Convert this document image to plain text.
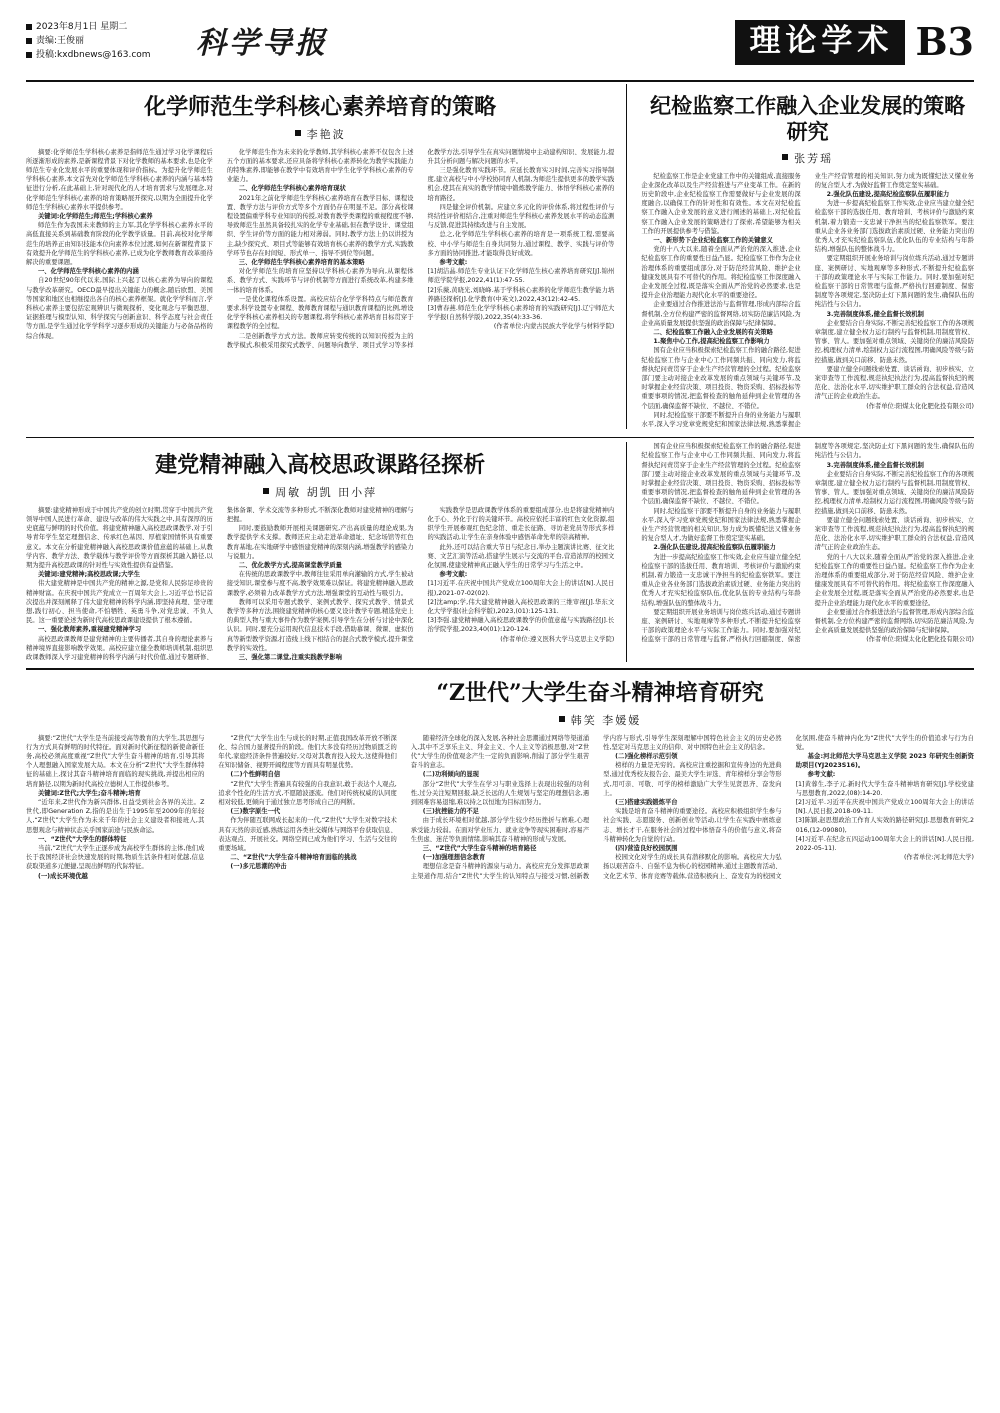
2023年8月1日 星期二
责编:王俊丽
投稿:kxdbnews@163.com 科学导报	理论学术 B3
化学师范生学科核心素养培育的策略
李艳波

摘要:化学师范生学科核心素养是指师范生通过学习化学课程后所逐渐形成的素养,是新课程背景下对化学教师的基本要求,也是化学师范生专业化发展水平的重要体现和评价指标。为提升化学师范生学科核心素养,本文首先对化学师范生学科核心素养的内涵与基本特征进行分析,在此基础上,针对现代化的人才培育需求与发展理念,对化学师范生学科核心素养的培育策略展开探究,以期为全面提升化学师范生学科核心素养水平提供参考。

关键词:化学师范生;师范生;学科核心素养

师范生作为我国未来教师的主力军,其化学学科核心素养水平的高低直接关系到基础教育阶段的化学教学质量。目前,高校对化学师范生的培养正由知识技能本位向素养本位过渡,如何在新课程背景下有效提升化学师范生的学科核心素养,已成为化学教师教育改革亟待解决的重要课题。

一、化学师范生学科核心素养的内涵

自20世纪90年代以来,国际上兴起了以核心素养为导向的课程与教学改革研究。OECD最早提出关键能力的概念,随后欧盟、美国等国家和地区也相继提出各自的核心素养框架。就化学学科而言,学科核心素养主要包括宏观辨识与微观探析、变化观念与平衡思想、证据推理与模型认知、科学探究与创新意识、科学态度与社会责任等方面,是学生通过化学学科学习逐步形成的关键能力与必备品格的综合体现。

化学师范生作为未来的化学教师,其学科核心素养不仅包含上述五个方面的基本要求,还应具备将学科核心素养转化为教学实践能力的特殊素养,即能够在教学中有效培育中学生化学学科核心素养的专业能力。

二、化学师范生学科核心素养培育现状

2021年之前化学师范生学科核心素养培育在教学目标、课程设置、教学方法与评价方式等多个方面仍存在明显不足。部分高校课程设置偏重学科专业知识的传授,对教育教学类课程的重视程度不够,导致师范生虽然具备较扎实的化学专业基础,但在教学设计、课堂组织、学生评价等方面的能力相对薄弱。同时,教学方法上仍以讲授为主,缺少探究式、项目式等能够有效培育核心素养的教学方式,实践教学环节也存在时间短、形式单一、指导不到位等问题。

三、化学师范生学科核心素养培育的基本策略

对化学师范生的培育应坚持以学科核心素养为导向,从课程体系、教学方式、实践环节与评价机制等方面进行系统改革,构建多维一体的培育体系。

一是优化课程体系设置。高校应结合化学学科特点与师范教育要求,科学设置专业课程、教师教育课程与通识教育课程的比例,增设化学学科核心素养相关的专题课程,将学科核心素养培育目标贯穿于课程教学的全过程。

二是创新教学方式方法。教师应转变传统的以知识传授为主的教学模式,积极采用探究式教学、问题导向教学、项目式学习等多样化教学方法,引导学生在真实问题情境中主动建构知识、发展能力,提升其分析问题与解决问题的水平。

三是强化教育实践环节。应延长教育实习时间,完善实习指导制度,建立高校与中小学校协同育人机制,为师范生提供更多的教学实践机会,使其在真实的教学情境中锻炼教学能力、体悟学科核心素养的培育路径。

四是健全评价机制。应建立多元化的评价体系,将过程性评价与终结性评价相结合,注重对师范生学科核心素养发展水平的动态监测与反馈,促进其持续改进与自主发展。

总之,化学师范生学科核心素养的培育是一项系统工程,需要高校、中小学与师范生自身共同努力,通过课程、教学、实践与评价等多方面的协同推进,才能取得良好成效。

参考文献:

[1]胡洁晶.师范生专业认证下化学师范生核心素养培育研究[J].锦州师范学院学报,2022,41(1):47-55.

[2]乐薇,黄晓光,刘晓峰.基于学科核心素养的化学师范生教学能力培养路径探析[J].化学教育(中英文),2022,43(12):42-45.

[3]曹春燕.师范生化学学科核心素养培育的实践研究[J].辽宁师范大学学报(自然科学版),2022,35(4):33-36.

(作者单位:内蒙古民族大学化学与材料学院)

纪检监察工作融入企业发展的策略研究
张芳瑶

纪检监察工作是企业党建工作中的关键组成,直接服务企业深化改革以及生产经营推进与产业变革工作。在新的历史阶段中,企业纪检监察工作需要做好与企业发展的深度融合,以确保工作的针对性和有效性。本文在对纪检监察工作融入企业发展的意义进行阐述的基础上,对纪检监察工作融入企业发展的策略进行了探索,希望能够为相关工作的开展提供参考与借鉴。

一、新形势下企业纪检监察工作的关键意义

党的十八大以来,随着全面从严治党的深入推进,企业纪检监察工作的重要性日益凸显。纪检监察工作作为企业治理体系的重要组成部分,对于防范经营风险、维护企业健康发展具有不可替代的作用。将纪检监察工作深度融入企业发展全过程,既是落实全面从严治党的必然要求,也是提升企业治理能力现代化水平的重要途径。

企业要通过合作推进法治与监督管理,形成内部综合监督机制,全方位构建严密的监督网络,切实防范廉洁风险,为企业高质量发展提供坚强的政治保障与纪律保障。

二、纪检监察工作融入企业发展的有关策略

1.聚焦中心工作,提高纪检监察工作影响力

国有企业应当积极探索纪检监察工作的融合路径,促进纪检监察工作与企业中心工作同频共振、同向发力,将监督执纪问责贯穿于企业生产经营管理的全过程。纪检监察部门要主动对接企业改革发展的重点领域与关键环节,及时掌握企业经营决策、项目投资、物资采购、招标投标等重要事项的情况,把监督检查的触角延伸到企业管理的各个层面,确保监督不缺位、不越位、不错位。

同时,纪检监察干部要不断提升自身的业务能力与履职水平,深入学习党章党规党纪和国家法律法规,熟悉掌握企业生产经营管理的相关知识,努力成为既懂纪法又懂业务的复合型人才,为做好监督工作奠定坚实基础。

2.强化队伍建设,提高纪检监察队伍履职能力

为进一步提高纪检监察工作实效,企业应当建立健全纪检监察干部的选拔任用、教育培训、考核评价与激励约束机制,着力锻造一支忠诚干净担当的纪检监察铁军。要注重从企业各业务部门选拔政治素质过硬、业务能力突出的优秀人才充实纪检监察队伍,优化队伍的专业结构与年龄结构,增强队伍的整体战斗力。

要定期组织开展业务培训与岗位练兵活动,通过专题讲座、案例研讨、实地观摩等多种形式,不断提升纪检监察干部的政策理论水平与实际工作能力。同时,要加强对纪检监察干部的日常管理与监督,严格执行回避制度、保密制度等各项规定,坚决防止灯下黑问题的发生,确保队伍的纯洁性与公信力。

3.完善制度体系,健全监督长效机制

企业要结合自身实际,不断完善纪检监察工作的各项规章制度,建立健全权力运行制约与监督机制,用制度管权、管事、管人。要加强对重点领域、关键岗位的廉洁风险防控,梳理权力清单,绘制权力运行流程图,明确风险等级与防控措施,做到关口前移、防患未然。

要建立健全问题线索处置、谈话函询、初步核实、立案审查等工作流程,规范执纪执法行为,提高监督执纪的规范化、法治化水平,切实维护职工群众的合法权益,营造风清气正的企业政治生态。

(作者单位:阳煤太化化肥化投有限公司)

建党精神融入高校思政课路径探析
周敏 胡凯 田小萍

摘要:建党精神形成于中国共产党的创立时期,贯穿于中国共产党领导中国人民进行革命、建设与改革的伟大实践之中,具有深厚的历史底蕴与鲜明的时代价值。将建党精神融入高校思政课教学,对于引导青年学生坚定理想信念、传承红色基因、厚植家国情怀具有重要意义。本文在分析建党精神融入高校思政课价值意蕴的基础上,从教学内容、教学方法、教学载体与教学评价等方面探析其融入路径,以期为提升高校思政课的针对性与实效性提供有益借鉴。

关键词:建党精神;高校思政课;大学生

伟大建党精神是中国共产党的精神之源,是党和人民弥足珍贵的精神财富。在庆祝中国共产党成立一百周年大会上,习近平总书记首次提出并深刻阐释了伟大建党精神的科学内涵,即坚持真理、坚守理想,践行初心、担当使命,不怕牺牲、英勇斗争,对党忠诚、不负人民。这一重要论述为新时代高校思政课建设提供了根本遵循。

一、强化教师素养,重视建党精神学习

高校思政课教师是建党精神的主要传播者,其自身的理论素养与精神境界直接影响教学效果。高校应建立健全教师培训机制,组织思政课教师深入学习建党精神的科学内涵与时代价值,通过专题研修、集体备课、学术交流等多种形式,不断深化教师对建党精神的理解与把握。

同时,要鼓励教师开展相关课题研究,产出高质量的理论成果,为教学提供学术支撑。教师还应主动走进革命遗址、纪念场馆等红色教育基地,在实地研学中感悟建党精神的深刻内涵,增强教学的感染力与说服力。

二、优化教学方式,提高课堂教学质量

在传统的思政课教学中,教师往往采用单向灌输的方式,学生被动接受知识,课堂参与度不高,教学效果难以保证。将建党精神融入思政课教学,必须着力改革教学方式方法,增强课堂的互动性与吸引力。

教师可以采用专题式教学、案例式教学、探究式教学、情景式教学等多种方法,围绕建党精神的核心要义设计教学专题,精选党史上的典型人物与重大事件作为教学案例,引导学生在分析与讨论中深化认识。同时,要充分运用现代信息技术手段,借助慕课、微课、虚拟仿真等新型教学资源,打造线上线下相结合的混合式教学模式,提升课堂教学的实效性。

三、强化第二课堂,注重实践教学影响

实践教学是思政课教学体系的重要组成部分,也是将建党精神内化于心、外化于行的关键环节。高校应依托丰富的红色文化资源,组织学生开展参观红色纪念馆、重走长征路、寻访老党员等形式多样的实践活动,让学生在亲身体验中感悟革命先辈的崇高精神。

此外,还可以结合重大节日与纪念日,举办主题演讲比赛、征文比赛、文艺汇演等活动,搭建学生展示与交流的平台,营造浓厚的校园文化氛围,使建党精神真正融入学生的日常学习与生活之中。

参考文献:

[1]习近平.在庆祝中国共产党成立100周年大会上的讲话[N].人民日报),2021-07-02(02).

[2]沈amp;学,伟大建党精神融入高校思政课的三维审视[J].华东文化大学学报(社会科学版),2023,(01):125-131.

[3]李强.建党精神融入高校思政课教学的价值意蕴与实践路径[J].长治学院学报,2023,40(01):120-124.

(作者单位:遵义医科大学马克思主义学院)

国有企业应当积极探索纪检监察工作的融合路径,促进纪检监察工作与企业中心工作同频共振、同向发力,将监督执纪问责贯穿于企业生产经营管理的全过程。纪检监察部门要主动对接企业改革发展的重点领域与关键环节,及时掌握企业经营决策、项目投资、物资采购、招标投标等重要事项的情况,把监督检查的触角延伸到企业管理的各个层面,确保监督不缺位、不越位、不错位。

同时,纪检监察干部要不断提升自身的业务能力与履职水平,深入学习党章党规党纪和国家法律法规,熟悉掌握企业生产经营管理的相关知识,努力成为既懂纪法又懂业务的复合型人才,为做好监督工作奠定坚实基础。

2.强化队伍建设,提高纪检监察队伍履职能力

为进一步提高纪检监察工作实效,企业应当建立健全纪检监察干部的选拔任用、教育培训、考核评价与激励约束机制,着力锻造一支忠诚干净担当的纪检监察铁军。要注重从企业各业务部门选拔政治素质过硬、业务能力突出的优秀人才充实纪检监察队伍,优化队伍的专业结构与年龄结构,增强队伍的整体战斗力。

要定期组织开展业务培训与岗位练兵活动,通过专题讲座、案例研讨、实地观摩等多种形式,不断提升纪检监察干部的政策理论水平与实际工作能力。同时,要加强对纪检监察干部的日常管理与监督,严格执行回避制度、保密制度等各项规定,坚决防止灯下黑问题的发生,确保队伍的纯洁性与公信力。

3.完善制度体系,健全监督长效机制

企业要结合自身实际,不断完善纪检监察工作的各项规章制度,建立健全权力运行制约与监督机制,用制度管权、管事、管人。要加强对重点领域、关键岗位的廉洁风险防控,梳理权力清单,绘制权力运行流程图,明确风险等级与防控措施,做到关口前移、防患未然。

要建立健全问题线索处置、谈话函询、初步核实、立案审查等工作流程,规范执纪执法行为,提高监督执纪的规范化、法治化水平,切实维护职工群众的合法权益,营造风清气正的企业政治生态。

党的十八大以来,随着全面从严治党的深入推进,企业纪检监察工作的重要性日益凸显。纪检监察工作作为企业治理体系的重要组成部分,对于防范经营风险、维护企业健康发展具有不可替代的作用。将纪检监察工作深度融入企业发展全过程,既是落实全面从严治党的必然要求,也是提升企业治理能力现代化水平的重要途径。

企业要通过合作推进法治与监督管理,形成内部综合监督机制,全方位构建严密的监督网络,切实防范廉洁风险,为企业高质量发展提供坚强的政治保障与纪律保障。

(作者单位:阳煤太化化肥化投有限公司)

“Z世代”大学生奋斗精神培育研究
韩笑 李媛媛

摘要:“Z世代”大学生是当前接受高等教育的大学生,其思想与行为方式具有鲜明的时代特征。面对新时代新征程的新使命新任务,高校必须高度重视“Z世代”大学生奋斗精神的培育,引导其将个人理想融入国家发展大局。本文在分析“Z世代”大学生群体特征的基础上,探讨其奋斗精神培育面临的现实挑战,并提出相应的培育路径,以期为新时代高校立德树人工作提供参考。

关键词:Z世代;大学生;奋斗精神;培育

“近年来,Z世代作为新兴群体,日益受到社会各界的关注。Z世代,即Generation Z,指的是出生于1995年至2009年的年轻人,“Z世代”大学生作为未来千年的社会主义建设者和接班人,其思想观念与精神状态关乎国家前途与民族命运。

一、“Z世代”大学生的群体特征

当前,“Z世代”大学生正逐步成为高校学生群体的主体,他们成长于我国经济社会快速发展的时期,物质生活条件相对优越,信息获取渠道多元便捷,呈现出鲜明的代际特征。

(一)成长环境优越

“Z世代”大学生出生与成长的时期,正值我国改革开放不断深化、综合国力显著提升的阶段。他们大多没有经历过物质匮乏的年代,家庭经济条件普遍较好,父母对其教育投入较大,这使得他们在知识储备、视野开阔程度等方面具有明显优势。

(二)个性鲜明自信

“Z世代”大学生普遍具有较强的自我意识,敢于表达个人观点,追求个性化的生活方式,不愿随波逐流。他们对传统权威的认同度相对较低,更倾向于通过独立思考形成自己的判断。

(三)数字原生一代

作为伴随互联网成长起来的一代,“Z世代”大学生对数字技术具有天然的亲近感,熟练运用各类社交媒体与网络平台获取信息、表达观点、开展社交。网络空间已成为他们学习、生活与交往的重要场域。

二、“Z世代”大学生奋斗精神培育面临的挑战

(一)多元思潮的冲击

随着经济全球化的深入发展,各种社会思潮通过网络等渠道涌入,其中不乏享乐主义、拜金主义、个人主义等消极思想,对“Z世代”大学生的价值观念产生一定的负面影响,削弱了部分学生艰苦奋斗的意志。

(二)功利倾向的显现

部分“Z世代”大学生在学习与职业选择上表现出较强的功利性,过分关注短期回报,缺乏长远的人生规划与坚定的理想信念,遇到困难容易退缩,难以持之以恒地为目标而努力。

(三)抗挫能力的不足

由于成长环境相对优越,部分学生较少经历挫折与磨难,心理承受能力较弱。在面对学业压力、就业竞争等现实困难时,容易产生焦虑、迷茫等负面情绪,影响其奋斗精神的形成与发展。

三、“Z世代”大学生奋斗精神的培育路径

(一)加强理想信念教育

理想信念是奋斗精神的源泉与动力。高校应充分发挥思政课主渠道作用,结合“Z世代”大学生的认知特点与接受习惯,创新教学内容与形式,引导学生深刻理解中国特色社会主义的历史必然性,坚定对马克思主义的信仰、对中国特色社会主义的信念。

(二)强化榜样示范引领

榜样的力量是无穷的。高校应注重挖掘和宣传身边的先进典型,通过优秀校友报告会、最美大学生评选、青年榜样分享会等形式,用可亲、可敬、可学的榜样激励广大学生见贤思齐、奋发向上。

(三)搭建实践锻炼平台

实践是培育奋斗精神的重要途径。高校应积极组织学生参与社会实践、志愿服务、创新创业等活动,让学生在实践中磨练意志、增长才干,在服务社会的过程中体悟奋斗的价值与意义,将奋斗精神转化为自觉的行动。

(四)营造良好校园氛围

校园文化对学生的成长具有潜移默化的影响。高校应大力弘扬以艰苦奋斗、自强不息为核心的校园精神,通过主题教育活动、文化艺术节、体育竞赛等载体,营造积极向上、奋发有为的校园文化氛围,使奋斗精神内化为“Z世代”大学生的价值追求与行为自觉。

基金:河北师范大学马克思主义学院 2023 年研究生创新资助项目(YJ2023S16)。

参考文献:

[1]黄蓉生,李子元.新时代大学生奋斗精神培育研究[J].学校党建与思想教育,2022,(08):14-20.

[2]习近平.习近平在庆祝中国共产党成立100周年大会上的讲话[N].人民日报,2018-09-11.

[3]陈颖,赵思想政治工作育人实效的路径研究[J].思想教育研究,2016,(12-09080),

[4]习近平.在纪念五四运动100周年大会上的讲话[N].人民日报,2022-05-11).

(作者单位:河北师范大学)
